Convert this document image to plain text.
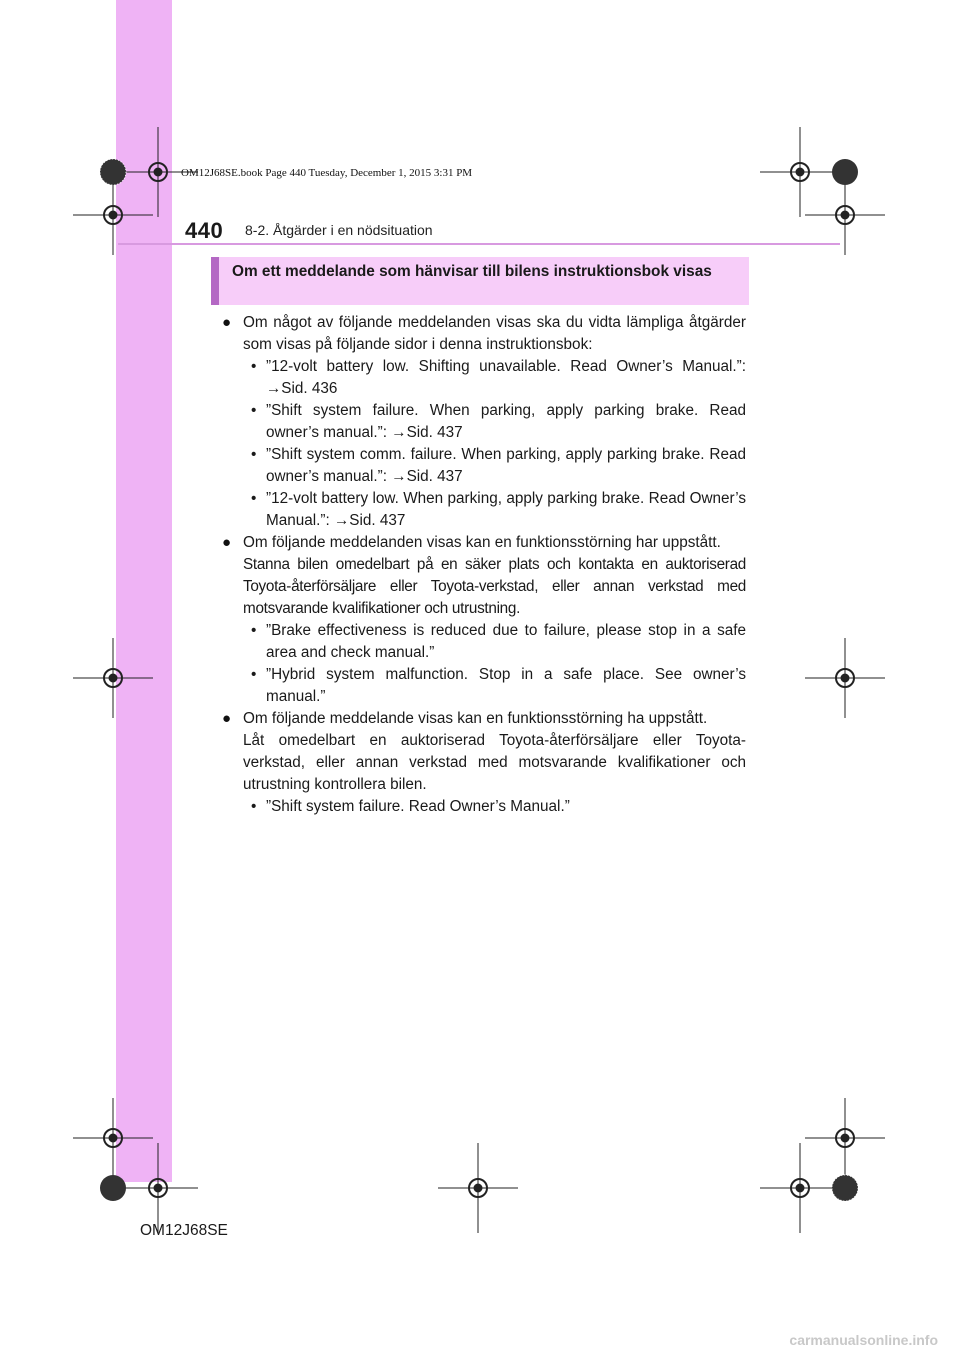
OM12J68SE.book Page 440 Tuesday, December 1, 2015 3:31 PM
440 8-2. Åtgärder i en nödsituation
Om ett meddelande som hänvisar till bilens instruktionsbok visas
● Om något av följande meddelanden visas ska du vidta lämpliga åtgärder som visas på följande sidor i denna instruktionsbok:
• ”12-volt battery low. Shifting unavailable. Read Owner’s Manual.”: →Sid. 436
• ”Shift system failure. When parking, apply parking brake. Read owner’s manual.”: →Sid. 437
• ”Shift system comm. failure. When parking, apply parking brake. Read owner’s manual.”: →Sid. 437
• ”12-volt battery low. When parking, apply parking brake. Read Owner’s Manual.”: →Sid. 437
● Om följande meddelanden visas kan en funktionsstörning har uppstått.
Stanna bilen omedelbart på en säker plats och kontakta en auktoriserad Toyota-återförsäljare eller Toyota-verkstad, eller annan verkstad med motsvarande kvalifikationer och utrustning.
• ”Brake effectiveness is reduced due to failure, please stop in a safe area and check manual.”
• ”Hybrid system malfunction. Stop in a safe place. See owner’s manual.”
● Om följande meddelande visas kan en funktionsstörning ha uppstått.
Låt omedelbart en auktoriserad Toyota-återförsäljare eller Toyota-verkstad, eller annan verkstad med motsvarande kvalifikationer och utrustning kontrollera bilen.
• ”Shift system failure. Read Owner’s Manual.”
OM12J68SE
carmanualsonline.info
